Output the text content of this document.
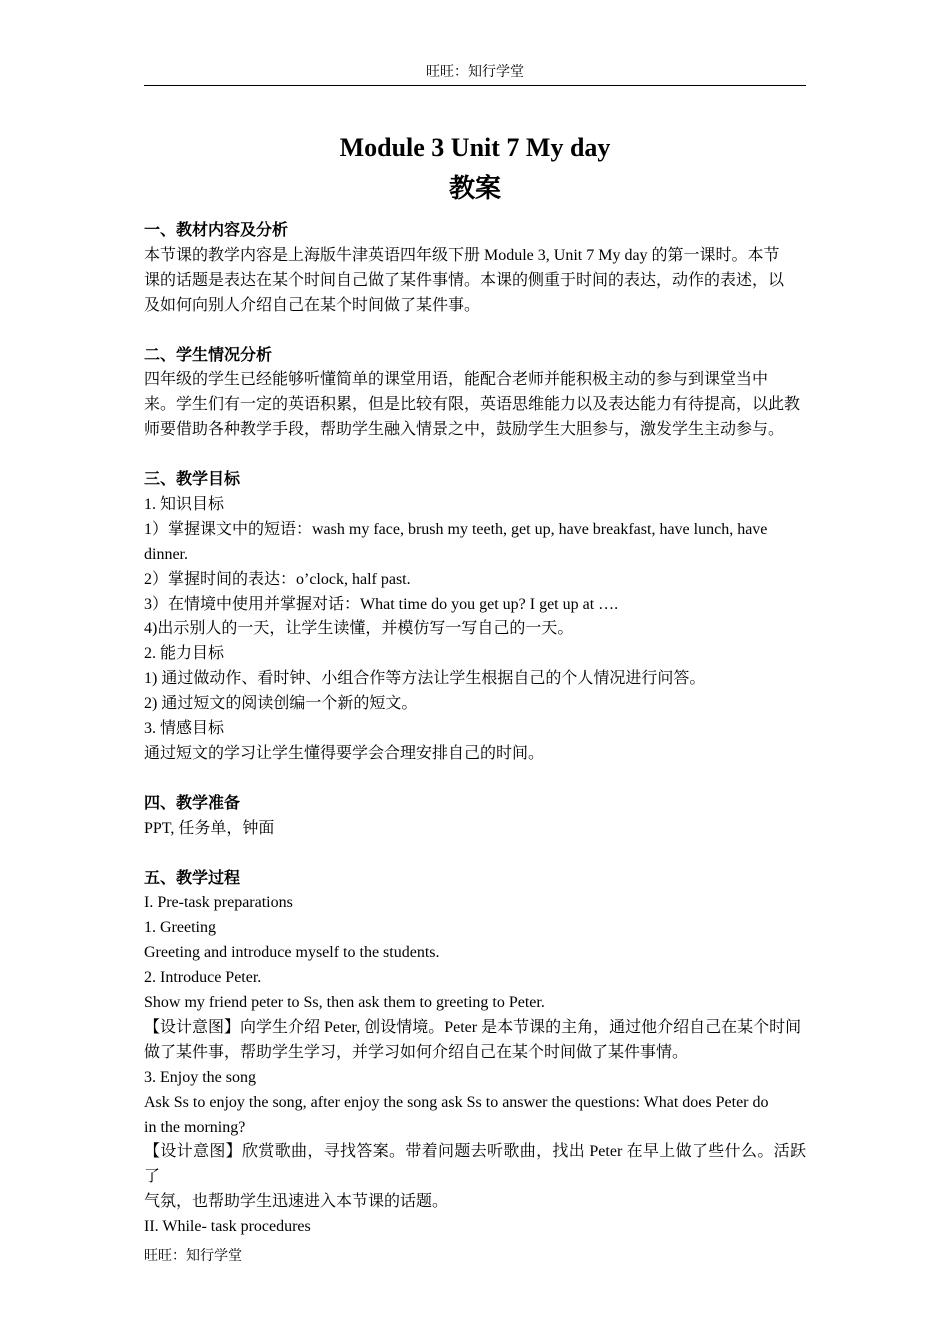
旺旺：知行学堂
Module 3 Unit 7 My day
教案

一、教材内容及分析

本节课的教学内容是上海版牛津英语四年级下册 Module 3, Unit 7 My day 的第一课时。本节

课的话题是表达在某个时间自己做了某件事情。本课的侧重于时间的表达，动作的表述，以

及如何向别人介绍自己在某个时间做了某件事。

二、学生情况分析

四年级的学生已经能够听懂简单的课堂用语，能配合老师并能积极主动的参与到课堂当中

来。学生们有一定的英语积累，但是比较有限，英语思维能力以及表达能力有待提高，以此教

师要借助各种教学手段，帮助学生融入情景之中，鼓励学生大胆参与，激发学生主动参与。

三、教学目标

1. 知识目标

1）掌握课文中的短语：wash my face, brush my teeth, get up, have breakfast, have lunch, have

dinner.

2）掌握时间的表达：o’clock, half past.

3）在情境中使用并掌握对话：What time do you get up? I get up at ….

4)出示别人的一天，让学生读懂，并模仿写一写自己的一天。

2. 能力目标

1) 通过做动作、看时钟、小组合作等方法让学生根据自己的个人情况进行问答。

2) 通过短文的阅读创编一个新的短文。

3. 情感目标

通过短文的学习让学生懂得要学会合理安排自己的时间。

四、教学准备

PPT, 任务单，钟面

五、教学过程

I. Pre-task preparations

1. Greeting

Greeting and introduce myself to the students.

2. Introduce Peter.

Show my friend peter to Ss, then ask them to greeting to Peter.

【设计意图】向学生介绍 Peter, 创设情境。Peter 是本节课的主角，通过他介绍自己在某个时间

做了某件事，帮助学生学习，并学习如何介绍自己在某个时间做了某件事情。

3. Enjoy the song

Ask Ss to enjoy the song, after enjoy the song ask Ss to answer the questions: What does Peter do

in the morning?

【设计意图】欣赏歌曲，寻找答案。带着问题去听歌曲，找出 Peter 在早上做了些什么。活跃了

气氛，也帮助学生迅速进入本节课的话题。

II. While- task procedures

旺旺：知行学堂
